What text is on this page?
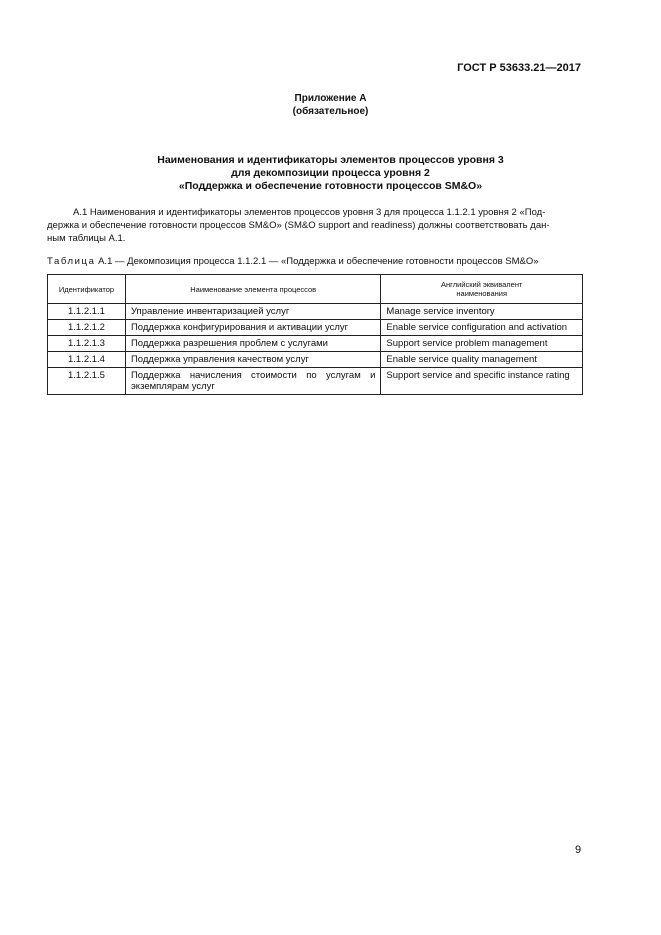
ГОСТ Р 53633.21—2017
Приложение А
(обязательное)
Наименования и идентификаторы элементов процессов уровня 3
для декомпозиции процесса уровня 2
«Поддержка и обеспечение готовности процессов SM&O»
А.1 Наименования и идентификаторы элементов процессов уровня 3 для процесса 1.1.2.1 уровня 2 «Под-
держка и обеспечение готовности процессов SM&O» (SM&O support and readiness) должны соответствовать дан-
ным таблицы А.1.
Таблица А.1 — Декомпозиция процесса 1.1.2.1 — «Поддержка и обеспечение готовности процессов SM&O»
Идентификатор	Наименование элемента процессов	Английский эквивалент
наименования

1.1.2.1.1	Управление инвентаризацией услуг	Manage service inventory
1.1.2.1.2	Поддержка конфигурирования и активации услуг	Enable service configuration and activation
1.1.2.1.3	Поддержка разрешения проблем с услугами	Support service problem management
1.1.2.1.4	Поддержка управления качеством услуг	Enable service quality management
1.1.2.1.5	Поддержка начисления стоимости по услугам и экземплярам услуг	Support service and specific instance rating
9
